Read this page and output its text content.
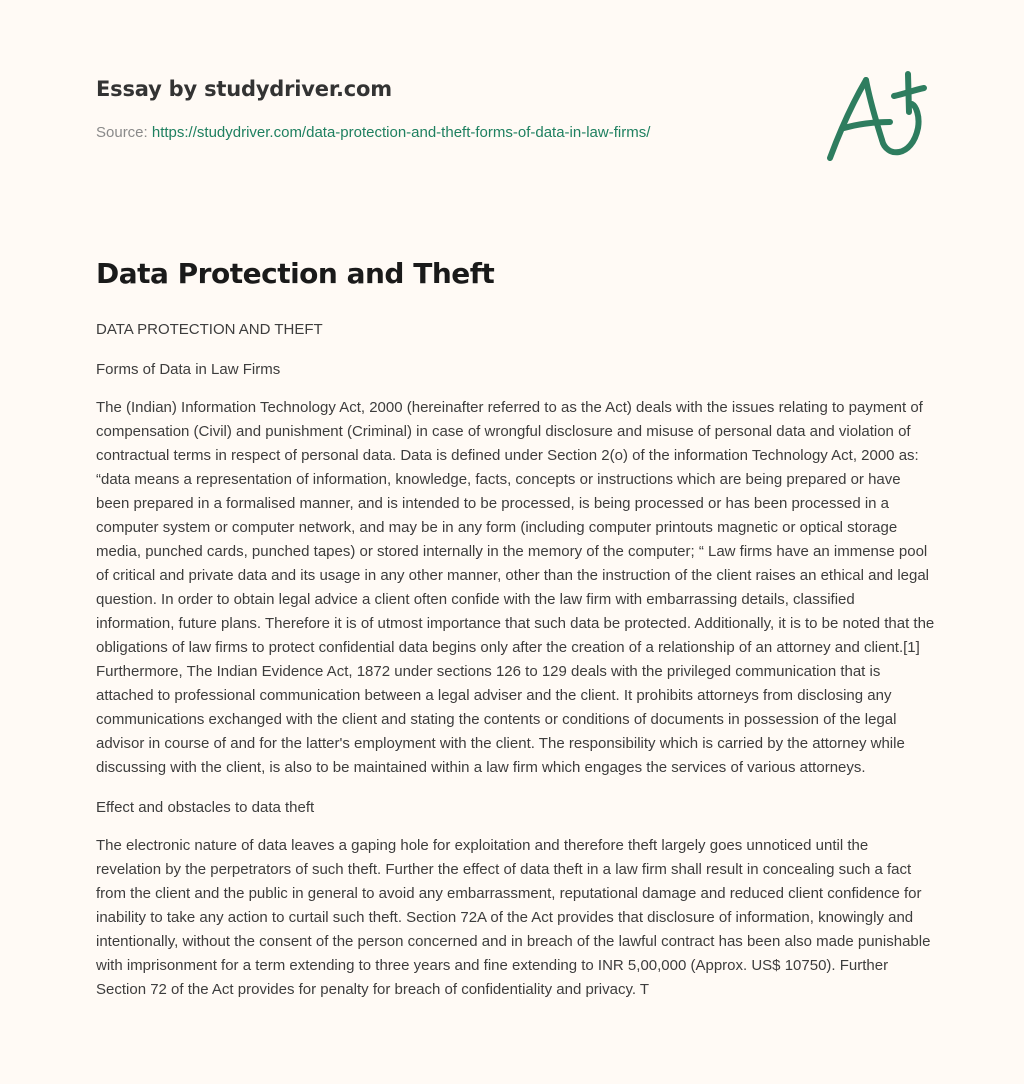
Essay by studydriver.com
Source: https://studydriver.com/data-protection-and-theft-forms-of-data-in-law-firms/
Data Protection and Theft

DATA PROTECTION AND THEFT

Forms of Data in Law Firms

The (Indian) Information Technology Act, 2000 (hereinafter referred to as the Act) deals with the issues relating to payment of compensation (Civil) and punishment (Criminal) in case of wrongful disclosure and misuse of personal data and violation of contractual terms in respect of personal data. Data is defined under Section 2(o) of the information Technology Act, 2000 as: “data means a representation of information, knowledge, facts, concepts or instructions which are being prepared or have been prepared in a formalised manner, and is intended to be processed, is being processed or has been processed in a computer system or computer network, and may be in any form (including computer printouts magnetic or optical storage media, punched cards, punched tapes) or stored internally in the memory of the computer; “ Law firms have an immense pool of critical and private data and its usage in any other manner, other than the instruction of the client raises an ethical and legal question. In order to obtain legal advice a client often confide with the law firm with embarrassing details, classified information, future plans. Therefore it is of utmost importance that such data be protected. Additionally, it is to be noted that the obligations of law firms to protect confidential data begins only after the creation of a relationship of an attorney and client.[1] Furthermore, The Indian Evidence Act, 1872 under sections 126 to 129 deals with the privileged communication that is attached to professional communication between a legal adviser and the client. It prohibits attorneys from disclosing any communications exchanged with the client and stating the contents or conditions of documents in possession of the legal advisor in course of and for the latter's employment with the client. The responsibility which is carried by the attorney while discussing with the client, is also to be maintained within a law firm which engages the services of various attorneys.

Effect and obstacles to data theft

The electronic nature of data leaves a gaping hole for exploitation and therefore theft largely goes unnoticed until the revelation by the perpetrators of such theft. Further the effect of data theft in a law firm shall result in concealing such a fact from the client and the public in general to avoid any embarrassment, reputational damage and reduced client confidence for inability to take any action to curtail such theft. Section 72A of the Act provides that disclosure of information, knowingly and intentionally, without the consent of the person concerned and in breach of the lawful contract has been also made punishable with imprisonment for a term extending to three years and fine extending to INR 5,00,000 (Approx. US$ 10750). Further Section 72 of the Act provides for penalty for breach of confidentiality and privacy. T
